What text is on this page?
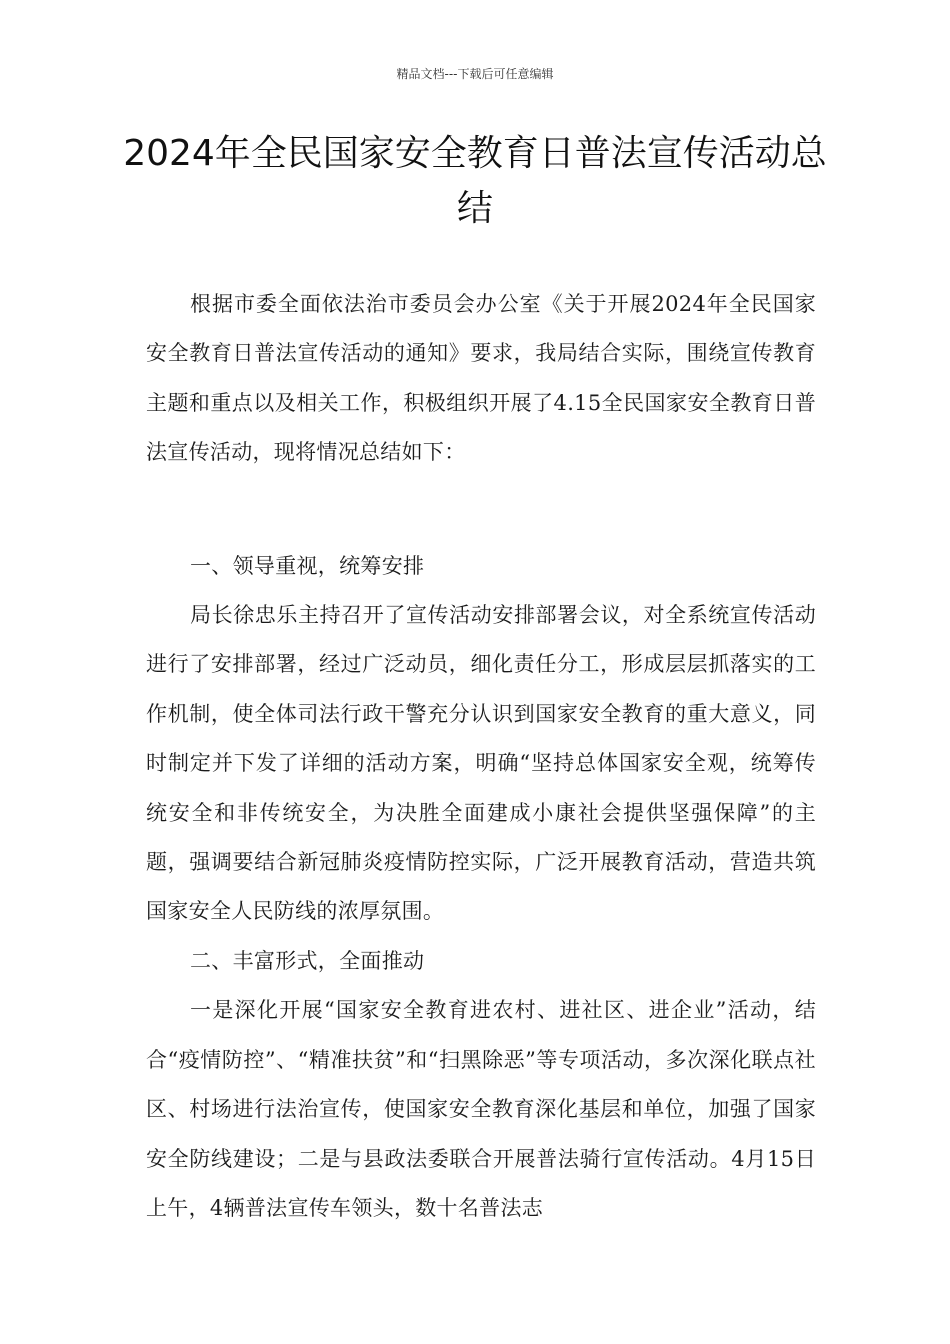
精品文档---下载后可任意编辑
2024年全民国家安全教育日普法宣传活动总结

根据市委全面依法治市委员会办公室《关于开展2024年全民国家安全教育日普法宣传活动的通知》要求，我局结合实际，围绕宣传教育主题和重点以及相关工作，积极组织开展了4.15全民国家安全教育日普法宣传活动，现将情况总结如下：

一、领导重视，统筹安排

局长徐忠乐主持召开了宣传活动安排部署会议，对全系统宣传活动进行了安排部署，经过广泛动员，细化责任分工，形成层层抓落实的工作机制，使全体司法行政干警充分认识到国家安全教育的重大意义，同时制定并下发了详细的活动方案，明确“坚持总体国家安全观，统筹传统安全和非传统安全，为决胜全面建成小康社会提供坚强保障”的主题，强调要结合新冠肺炎疫情防控实际，广泛开展教育活动，营造共筑国家安全人民防线的浓厚氛围。

二、丰富形式，全面推动

一是深化开展“国家安全教育进农村、进社区、进企业”活动，结合“疫情防控”、“精准扶贫”和“扫黑除恶”等专项活动，多次深化联点社区、村场进行法治宣传，使国家安全教育深化基层和单位，加强了国家安全防线建设；二是与县政法委联合开展普法骑行宣传活动。4月15日上午，4辆普法宣传车领头，数十名普法志
